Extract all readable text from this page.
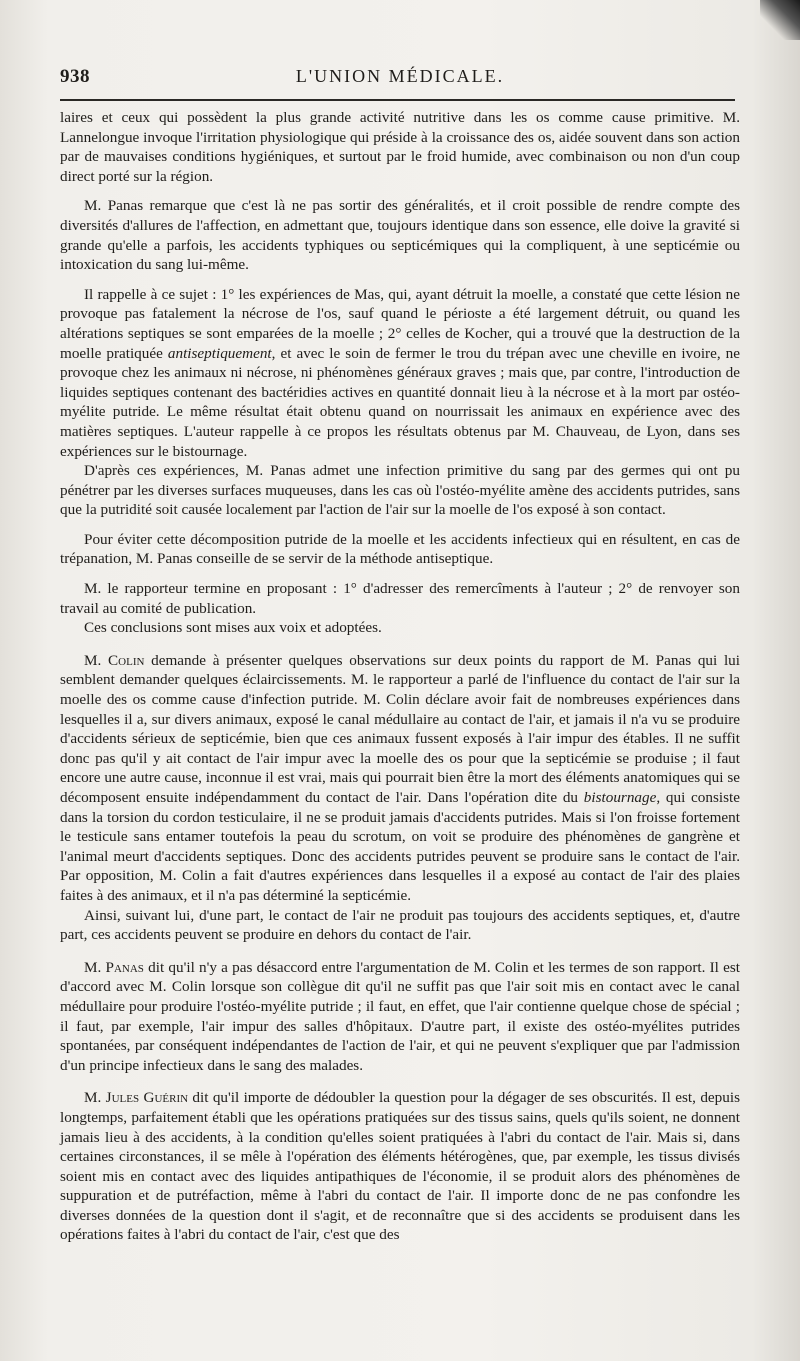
938	L'UNION MÉDICALE.

laires et ceux qui possèdent la plus grande activité nutritive dans les os comme cause primitive. M. Lannelongue invoque l'irritation physiologique qui préside à la croissance des os, aidée souvent dans son action par de mauvaises conditions hygiéniques, et surtout par le froid humide, avec combinaison ou non d'un coup direct porté sur la région.

M. Panas remarque que c'est là ne pas sortir des généralités, et il croit possible de rendre compte des diversités d'allures de l'affection, en admettant que, toujours identique dans son essence, elle doive la gravité si grande qu'elle a parfois, les accidents typhiques ou septicémiques qui la compliquent, à une septicémie ou intoxication du sang lui-même.

Il rappelle à ce sujet : 1° les expériences de Mas, qui, ayant détruit la moelle, a constaté que cette lésion ne provoque pas fatalement la nécrose de l'os, sauf quand le périoste a été largement détruit, ou quand les altérations septiques se sont emparées de la moelle ; 2° celles de Kocher, qui a trouvé que la destruction de la moelle pratiquée antiseptiquement, et avec le soin de fermer le trou du trépan avec une cheville en ivoire, ne provoque chez les animaux ni nécrose, ni phénomènes généraux graves ; mais que, par contre, l'introduction de liquides septiques contenant des bactéridies actives en quantité donnait lieu à la nécrose et à la mort par ostéo-myélite putride. Le même résultat était obtenu quand on nourrissait les animaux en expérience avec des matières septiques. L'auteur rappelle à ce propos les résultats obtenus par M. Chauveau, de Lyon, dans ses expériences sur le bistournage.

D'après ces expériences, M. Panas admet une infection primitive du sang par des germes qui ont pu pénétrer par les diverses surfaces muqueuses, dans les cas où l'ostéo-myélite amène des accidents putrides, sans que la putridité soit causée localement par l'action de l'air sur la moelle de l'os exposé à son contact.

Pour éviter cette décomposition putride de la moelle et les accidents infectieux qui en résultent, en cas de trépanation, M. Panas conseille de se servir de la méthode antiseptique.

M. le rapporteur termine en proposant : 1° d'adresser des remercîments à l'auteur ; 2° de renvoyer son travail au comité de publication.

Ces conclusions sont mises aux voix et adoptées.

M. Colin demande à présenter quelques observations sur deux points du rapport de M. Panas qui lui semblent demander quelques éclaircissements. M. le rapporteur a parlé de l'influence du contact de l'air sur la moelle des os comme cause d'infection putride. M. Colin déclare avoir fait de nombreuses expériences dans lesquelles il a, sur divers animaux, exposé le canal médullaire au contact de l'air, et jamais il n'a vu se produire d'accidents sérieux de septicémie, bien que ces animaux fussent exposés à l'air impur des étables. Il ne suffit donc pas qu'il y ait contact de l'air impur avec la moelle des os pour que la septicémie se produise ; il faut encore une autre cause, inconnue il est vrai, mais qui pourrait bien être la mort des éléments anatomiques qui se décomposent ensuite indépendamment du contact de l'air. Dans l'opération dite du bistournage, qui consiste dans la torsion du cordon testiculaire, il ne se produit jamais d'accidents putrides. Mais si l'on froisse fortement le testicule sans entamer toutefois la peau du scrotum, on voit se produire des phénomènes de gangrène et l'animal meurt d'accidents septiques. Donc des accidents putrides peuvent se produire sans le contact de l'air. Par opposition, M. Colin a fait d'autres expériences dans lesquelles il a exposé au contact de l'air des plaies faites à des animaux, et il n'a pas déterminé la septicémie.

Ainsi, suivant lui, d'une part, le contact de l'air ne produit pas toujours des accidents septiques, et, d'autre part, ces accidents peuvent se produire en dehors du contact de l'air.

M. Panas dit qu'il n'y a pas désaccord entre l'argumentation de M. Colin et les termes de son rapport. Il est d'accord avec M. Colin lorsque son collègue dit qu'il ne suffit pas que l'air soit mis en contact avec le canal médullaire pour produire l'ostéo-myélite putride ; il faut, en effet, que l'air contienne quelque chose de spécial ; il faut, par exemple, l'air impur des salles d'hôpitaux. D'autre part, il existe des ostéo-myélites putrides spontanées, par conséquent indépendantes de l'action de l'air, et qui ne peuvent s'expliquer que par l'admission d'un principe infectieux dans le sang des malades.

M. Jules Guérin dit qu'il importe de dédoubler la question pour la dégager de ses obscurités. Il est, depuis longtemps, parfaitement établi que les opérations pratiquées sur des tissus sains, quels qu'ils soient, ne donnent jamais lieu à des accidents, à la condition qu'elles soient pratiquées à l'abri du contact de l'air. Mais si, dans certaines circonstances, il se mêle à l'opération des éléments hétérogènes, que, par exemple, les tissus divisés soient mis en contact avec des liquides antipathiques de l'économie, il se produit alors des phénomènes de suppuration et de putréfaction, même à l'abri du contact de l'air. Il importe donc de ne pas confondre les diverses données de la question dont il s'agit, et de reconnaître que si des accidents se produisent dans les opérations faites à l'abri du contact de l'air, c'est que des
